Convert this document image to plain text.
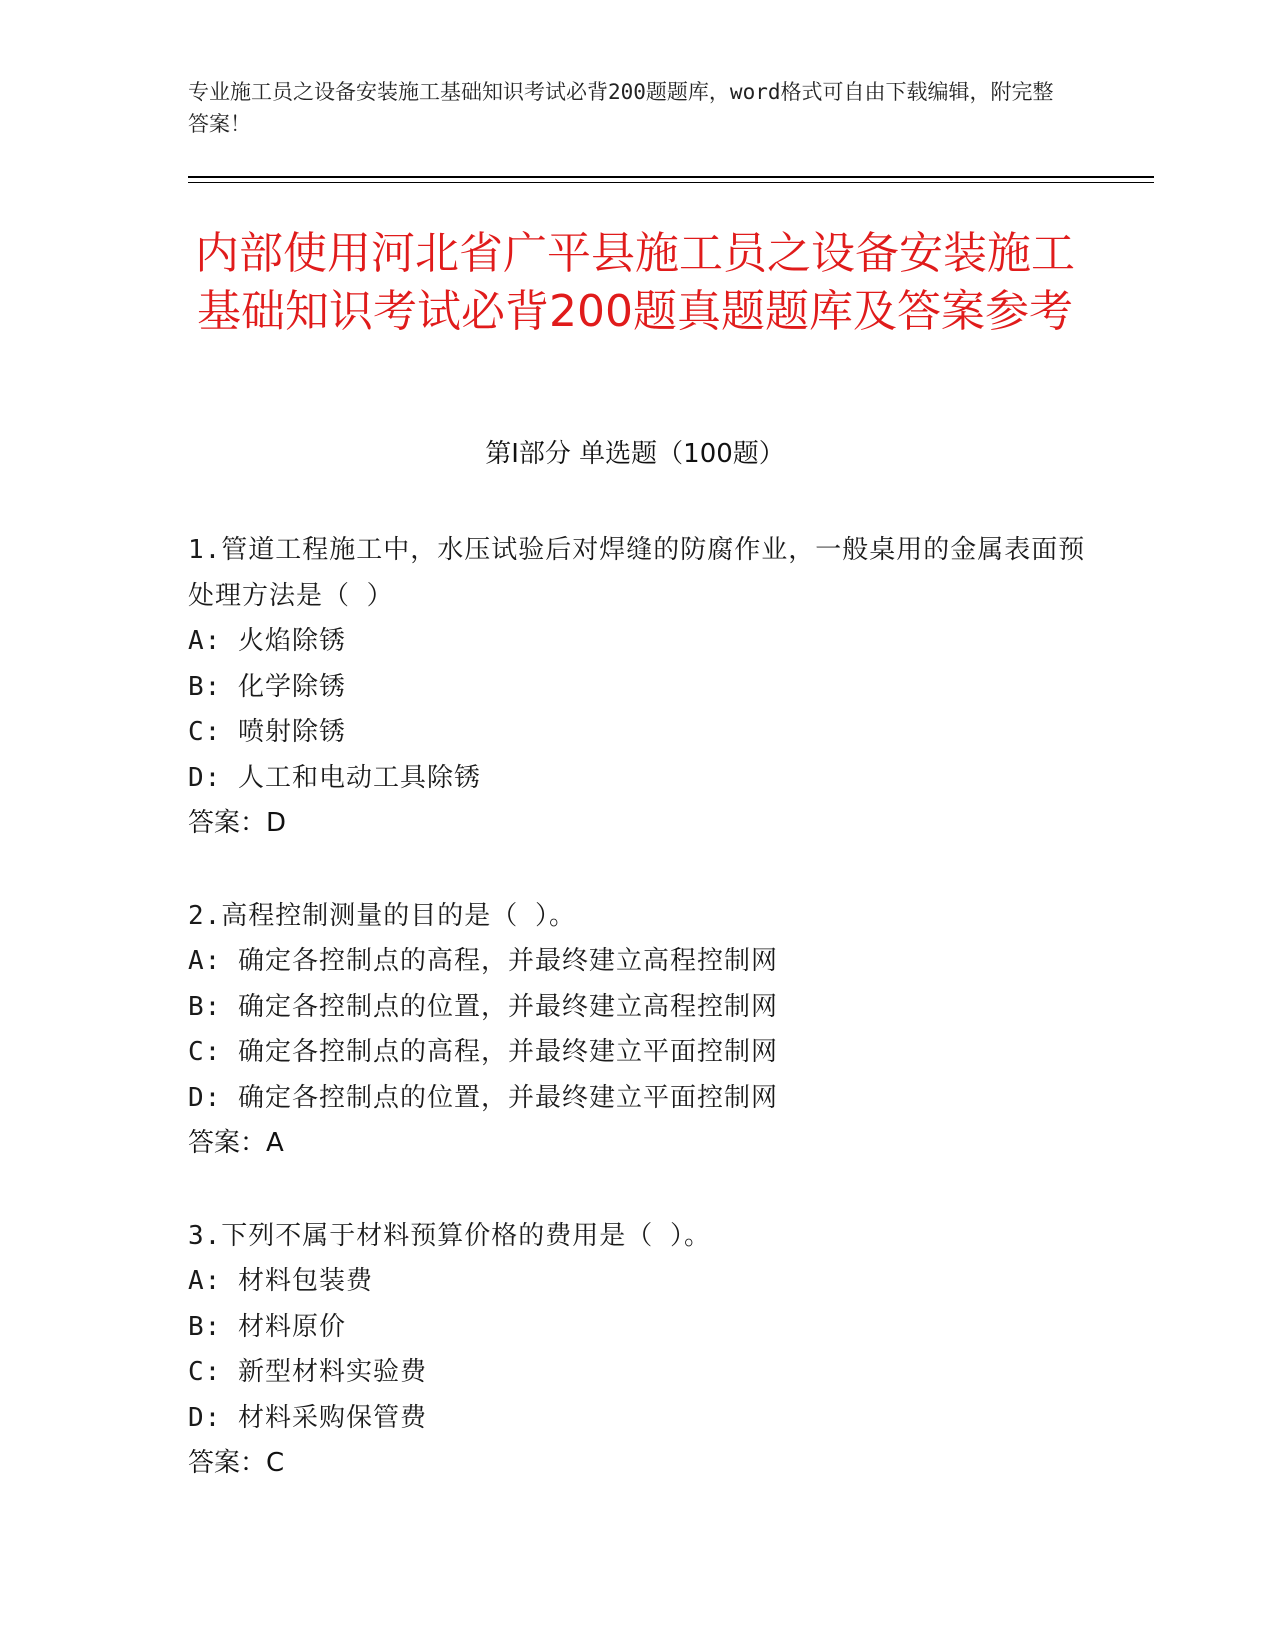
专业施工员之设备安装施工基础知识考试必背200题题库，word格式可自由下载编辑，附完整答案！
内部使用河北省广平县施工员之设备安装施工基础知识考试必背200题真题题库及答案参考
第I部分 单选题（100题）
1.管道工程施工中，水压试验后对焊缝的防腐作业，一般桌用的金属表面预处理方法是（ ）
A: 火焰除锈
B: 化学除锈
C: 喷射除锈
D: 人工和电动工具除锈
答案：D
2.高程控制测量的目的是（ ）。
A: 确定各控制点的高程，并最终建立高程控制网
B: 确定各控制点的位置，并最终建立高程控制网
C: 确定各控制点的高程，并最终建立平面控制网
D: 确定各控制点的位置，并最终建立平面控制网
答案：A
3.下列不属于材料预算价格的费用是（ ）。
A: 材料包装费
B: 材料原价
C: 新型材料实验费
D: 材料采购保管费
答案：C
